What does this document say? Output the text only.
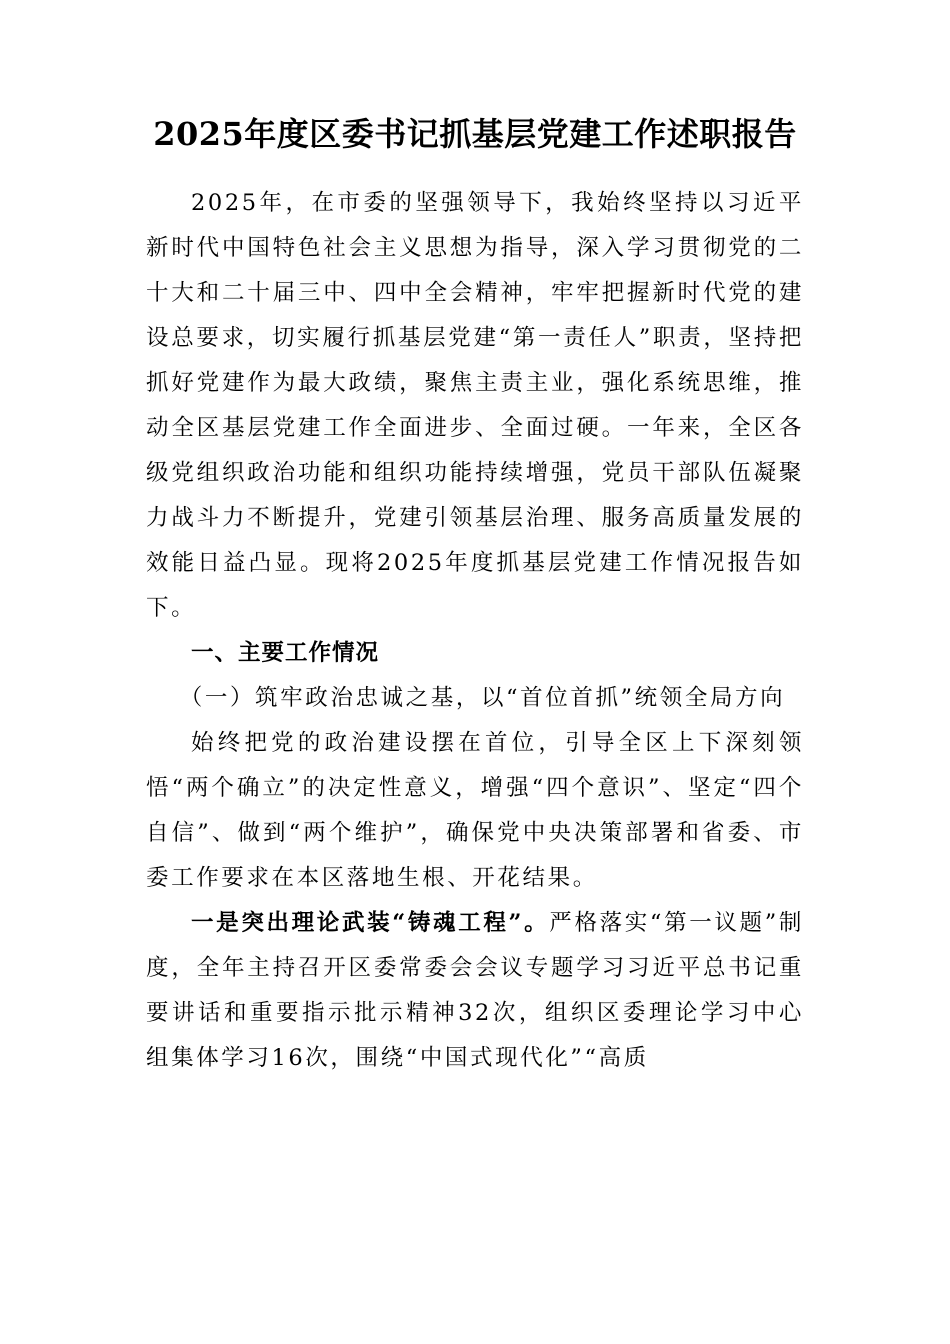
2025年度区委书记抓基层党建工作述职报告

2025年，在市委的坚强领导下，我始终坚持以习近平新时代中国特色社会主义思想为指导，深入学习贯彻党的二十大和二十届三中、四中全会精神，牢牢把握新时代党的建设总要求，切实履行抓基层党建“第一责任人”职责，坚持把抓好党建作为最大政绩，聚焦主责主业，强化系统思维，推动全区基层党建工作全面进步、全面过硬。一年来，全区各级党组织政治功能和组织功能持续增强，党员干部队伍凝聚力战斗力不断提升，党建引领基层治理、服务高质量发展的效能日益凸显。现将2025年度抓基层党建工作情况报告如下。

一、主要工作情况

（一）筑牢政治忠诚之基，以“首位首抓”统领全局方向

始终把党的政治建设摆在首位，引导全区上下深刻领悟“两个确立”的决定性意义，增强“四个意识”、坚定“四个自信”、做到“两个维护”，确保党中央决策部署和省委、市委工作要求在本区落地生根、开花结果。

一是突出理论武装“铸魂工程”。严格落实“第一议题”制度，全年主持召开区委常委会会议专题学习习近平总书记重要讲话和重要指示批示精神32次，组织区委理论学习中心组集体学习16次，围绕“中国式现代化”“高质
